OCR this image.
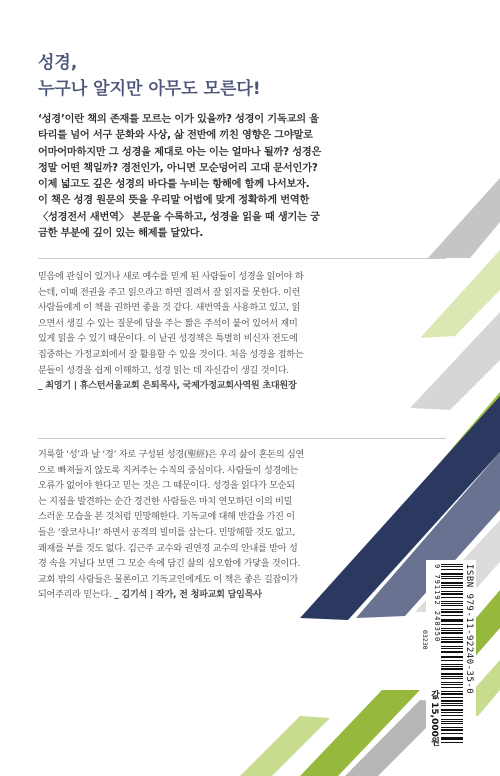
성경,
누구나 알지만 아무도 모른다!
‘성경’이란 책의 존재를 모르는 이가 있을까? 성경이 기독교의 울
타리를 넘어 서구 문화와 사상, 삶 전반에 끼친 영향은 그야말로
어마어마하지만 그 성경을 제대로 아는 이는 얼마나 될까? 성경은
정말 어떤 책일까? 경전인가, 아니면 모순덩어리 고대 문서인가?
이제 넓고도 깊은 성경의 바다를 누비는 항해에 함께 나서보자.
이 책은 성경 원문의 뜻을 우리말 어법에 맞게 정확하게 번역한
〈성경전서 새번역〉 본문을 수록하고, 성경을 읽을 때 생기는 궁
금한 부분에 깊이 있는 해제를 달았다.
믿음에 관심이 있거나 새로 예수를 믿게 된 사람들이 성경을 읽어야 하
는데, 이때 전권을 주고 읽으라고 하면 질려서 잘 읽지를 못한다. 이런
사람들에게 이 책을 권하면 좋을 것 같다. 새번역을 사용하고 있고, 읽
으면서 생길 수 있는 질문에 답을 주는 짧은 주석이 붙어 있어서 재미
있게 읽을 수 있기 때문이다. 이 낱권 성경책은 특별히 비신자 전도에
집중하는 가정교회에서 잘 활용할 수 있을 것이다. 처음 성경을 접하는
분들이 성경을 쉽게 이해하고, 성경 읽는 데 자신감이 생길 것이다.
_ 최영기 | 휴스턴서울교회 은퇴목사, 국제가정교회사역원 초대원장
거룩할 ‘성’과 날 ‘경’ 자로 구성된 성경(聖經)은 우리 삶이 혼돈의 심연
으로 빠져들지 않도록 지켜주는 수직의 중심이다. 사람들이 성경에는
오류가 없어야 한다고 믿는 것은 그 때문이다. 성경을 읽다가 모순되
는 지점을 발견하는 순간 경건한 사람들은 마치 연모하던 이의 비밀
스러운 모습을 본 것처럼 민망해한다. 기독교에 대해 반감을 가진 이
들은 ‘잘코사니!’ 하면서 공격의 빌미를 삼는다. 민망해할 것도 없고,
쾌재를 부를 것도 없다. 김근주 교수와 권연경 교수의 안내를 받아 성
경 속을 거닐다 보면 그 모순 속에 담긴 삶의 심오함에 가닿을 것이다.
교회 밖의 사람들은 물론이고 기독교인에게도 이 책은 좋은 길잡이가
되어주리라 믿는다. _ 김기석 | 작가, 전 청파교회 담임목사	ISBN 979-11-92240-35-0
9 791192 240350
03230
값 15,000원
